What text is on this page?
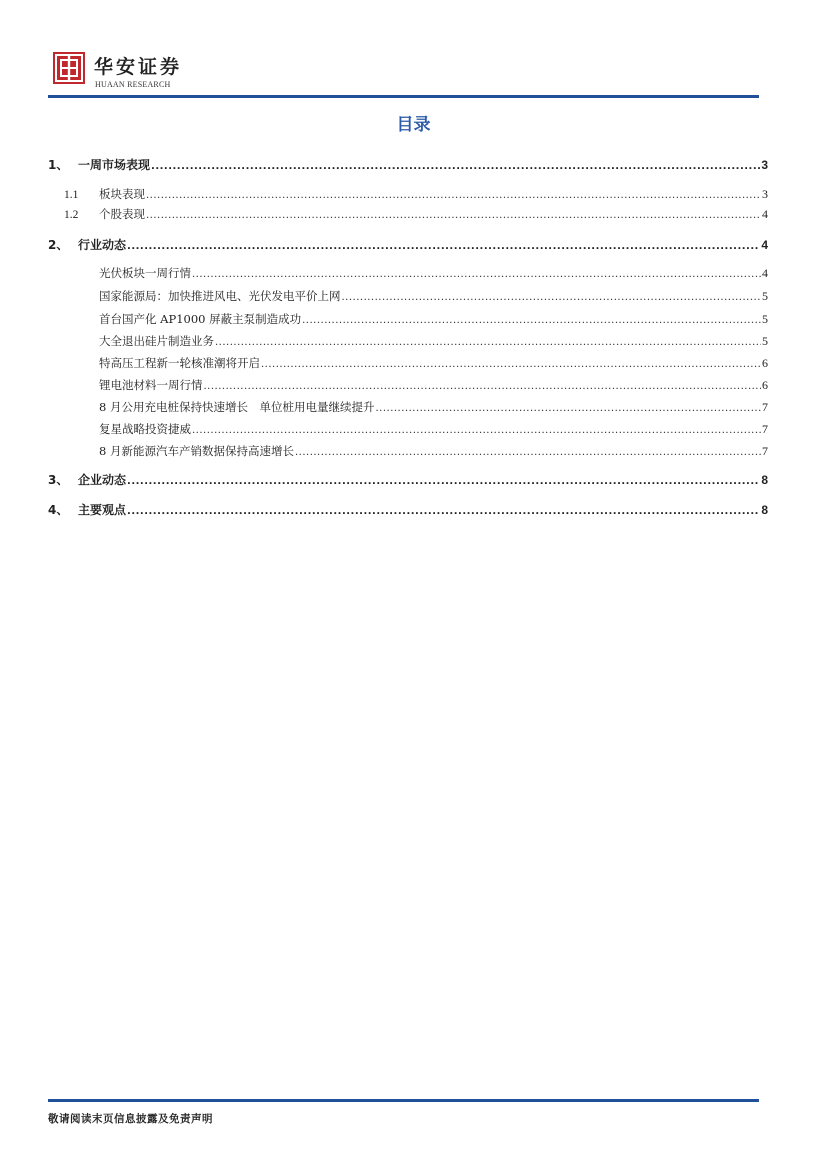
华安证券
HUAAN RESEARCH
目录
1、 一周市场表现 .....	3
1.1	板块表现 .....	3
1.2	个股表现 .....	4
2、 行业动态 .....	4
光伏板块一周行情 .....	4
国家能源局：加快推进风电、光伏发电平价上网 .....	5
首台国产化 AP1000 屏蔽主泵制造成功 .....	5
大全退出硅片制造业务 .....	5
特高压工程新一轮核准潮将开启 .....	6
锂电池材料一周行情 .....	6
8 月公用充电桩保持快速增长　单位桩用电量继续提升 .....	7
复星战略投资捷威 .....	7
8 月新能源汽车产销数据保持高速增长 .....	7
3、 企业动态 .....	8
4、 主要观点 .....	8
敬请阅读末页信息披露及免责声明
